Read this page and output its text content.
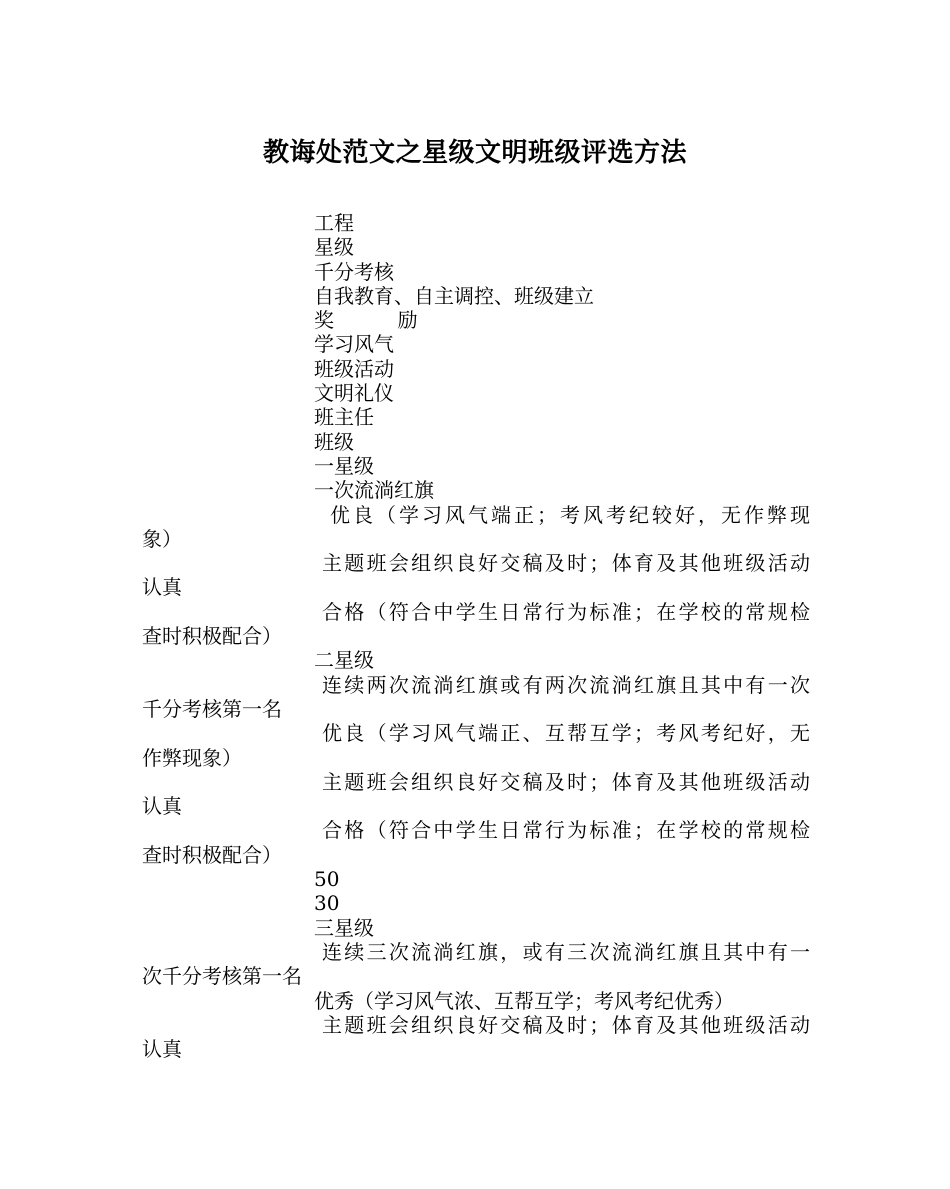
教诲处范文之星级文明班级评选方法
工程
星级
千分考核
自我教育、自主调控、班级建立
奖          励
学习风气
班级活动
文明礼仪
班主任
班级
一星级
一次流淌红旗
优良（学习风气端正；考风考纪较好，无作弊现
象）
主题班会组织良好交稿及时；体育及其他班级活动
认真
合格（符合中学生日常行为标准；在学校的常规检
查时积极配合）
二星级
连续两次流淌红旗或有两次流淌红旗且其中有一次
千分考核第一名
优良（学习风气端正、互帮互学；考风考纪好，无
作弊现象）
主题班会组织良好交稿及时；体育及其他班级活动
认真
合格（符合中学生日常行为标准；在学校的常规检
查时积极配合）
50
30
三星级
连续三次流淌红旗，或有三次流淌红旗且其中有一
次千分考核第一名
优秀（学习风气浓、互帮互学；考风考纪优秀）
主题班会组织良好交稿及时；体育及其他班级活动
认真
